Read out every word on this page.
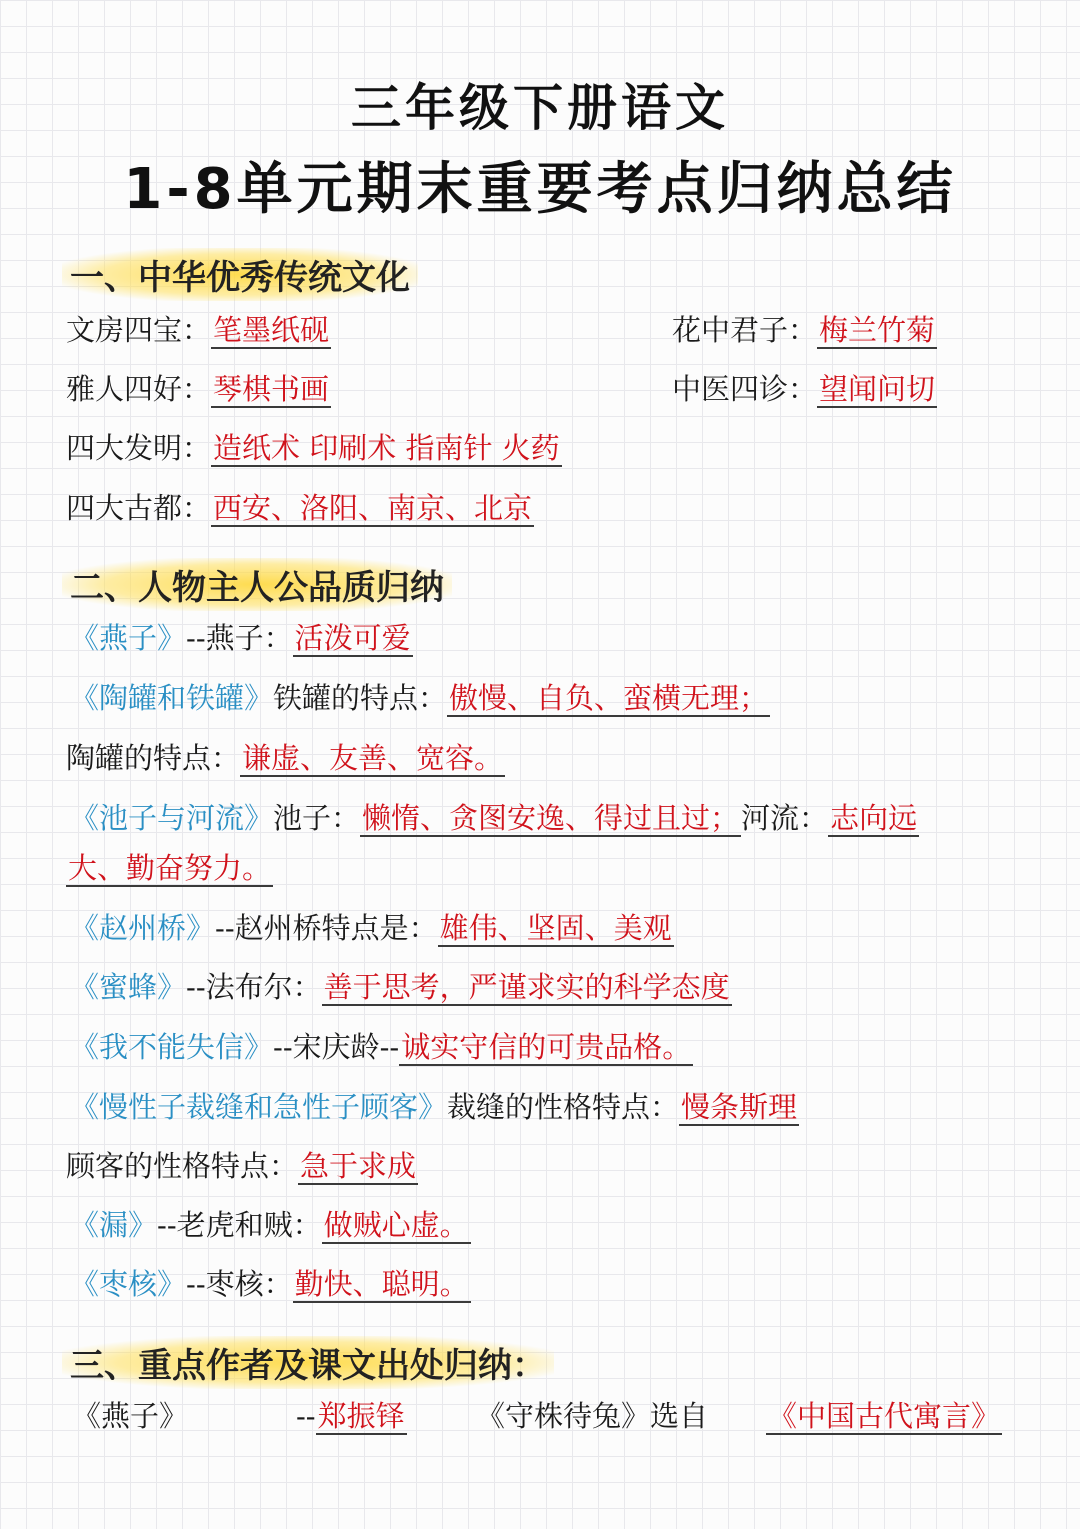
三年级下册语文
1-8单元期末重要考点归纳总结
一、中华优秀传统文化
文房四宝：笔墨纸砚	花中君子：梅兰竹菊
雅人四好：琴棋书画	中医四诊：望闻问切
四大发明：造纸术 印刷术 指南针 火药
四大古都：西安、洛阳、南京、北京
二、人物主人公品质归纳
《燕子》--燕子：活泼可爱
《陶罐和铁罐》铁罐的特点：傲慢、自负、蛮横无理；
陶罐的特点：谦虚、友善、宽容。
《池子与河流》池子：懒惰、贪图安逸、得过且过；河流：志向远
大、勤奋努力。
《赵州桥》--赵州桥特点是：雄伟、坚固、美观
《蜜蜂》--法布尔：善于思考，严谨求实的科学态度
《我不能失信》--宋庆龄--诚实守信的可贵品格。
《慢性子裁缝和急性子顾客》裁缝的性格特点：慢条斯理
顾客的性格特点：急于求成
《漏》--老虎和贼：做贼心虚。
《枣核》--枣核：勤快、聪明。
三、重点作者及课文出处归纳：
《燕子》	--郑振铎 《守株待兔》选自 《中国古代寓言》
